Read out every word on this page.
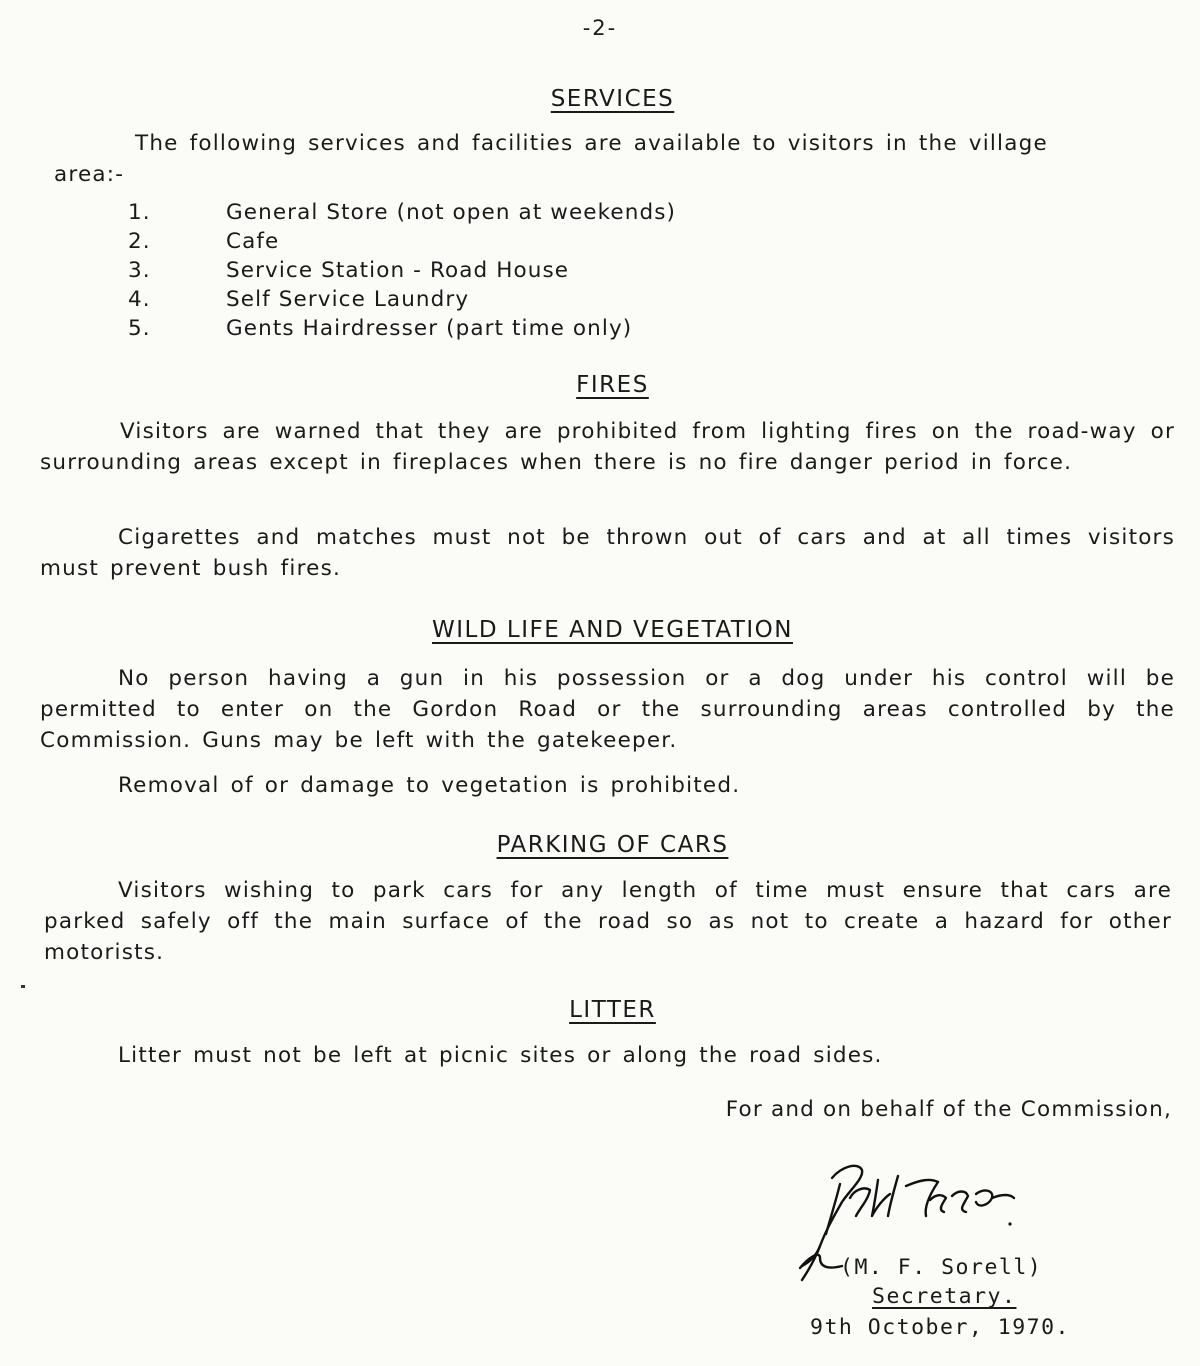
-2-
SERVICES

The following services and facilities are available to visitors in the village

area:-

1.	General Store (not open at weekends)
2.	Cafe
3.	Service Station - Road House
4.	Self Service Laundry
5.	Gents Hairdresser (part time only)
FIRES

Visitors are warned that they are prohibited from lighting fires on the road-way or surrounding areas except in fireplaces when there is no fire danger period in force.

Cigarettes and matches must not be thrown out of cars and at all times visitors must prevent bush fires.

WILD LIFE AND VEGETATION

No person having a gun in his possession or a dog under his control will be permitted to enter on the Gordon Road or the surrounding areas controlled by the Commission. Guns may be left with the gatekeeper.

Removal of or damage to vegetation is prohibited.

PARKING OF CARS

Visitors wishing to park cars for any length of time must ensure that cars are parked safely off the main surface of the road so as not to create a hazard for other motorists.

LITTER

Litter must not be left at picnic sites or along the road sides.

For and on behalf of the Commission,
(M. F. Sorell)
Secretary.
9th October, 1970.
